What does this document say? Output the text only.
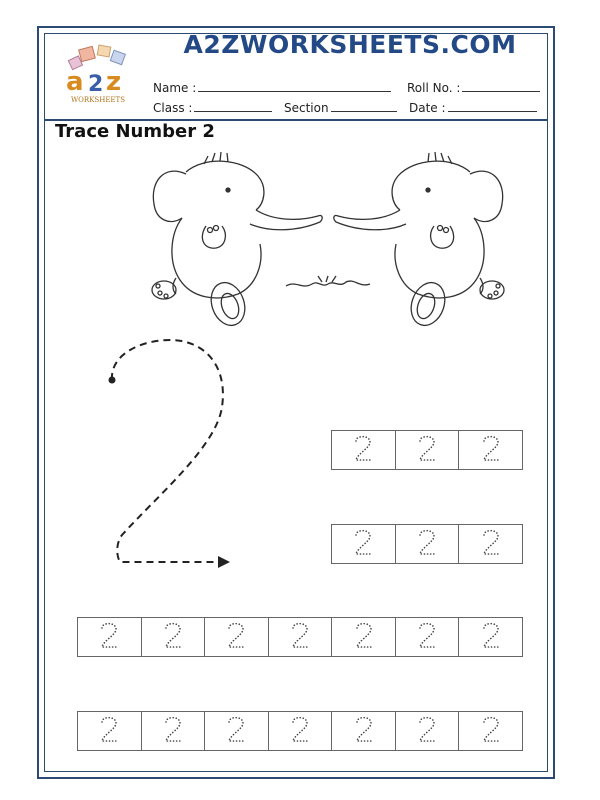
a 2 z
WORKSHEETS
A2ZWORKSHEETS.COM
Name :	Roll No. :
Class :	Section	Date :
Trace Number 2
